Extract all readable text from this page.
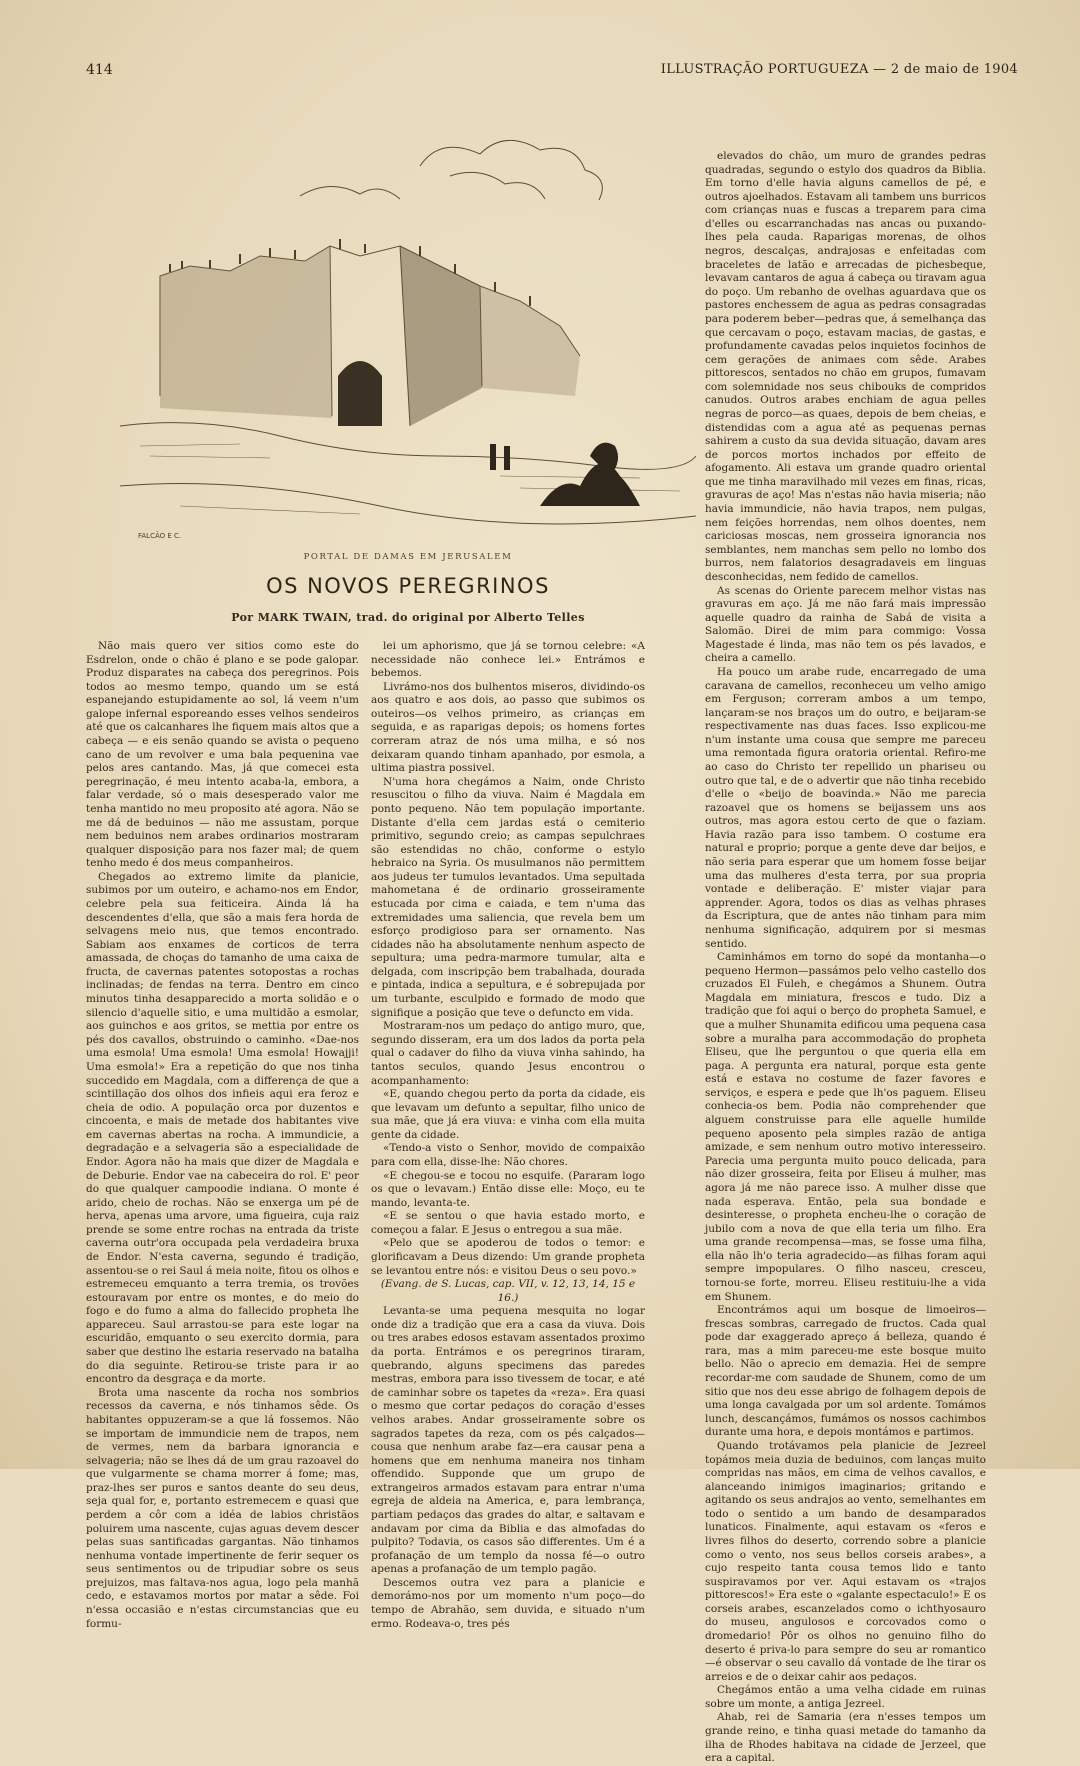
414	ILLUSTRAÇÃO PORTUGUEZA — 2 de maio de 1904
FALCÃO E C.
PORTAL DE DAMAS EM JERUSALEM
OS NOVOS PEREGRINOS
Por MARK TWAIN, trad. do original por Alberto Telles

Não mais quero ver sitios como este do Esdrelon, onde o chão é plano e se pode galopar. Produz disparates na cabeça dos peregrinos. Pois todos ao mesmo tempo, quando um se está espanejando estupidamente ao sol, lá veem n'um galope infernal esporeando esses velhos sendeiros até que os calcanhares lhe fiquem mais altos que a cabeça — e eis senão quando se avista o pequeno cano de um revolver e uma bala pequenina vae pelos ares cantando. Mas, já que comecei esta peregrinação, é meu intento acaba-la, embora, a falar verdade, só o mais desesperado valor me tenha mantido no meu proposito até agora. Não se me dá de beduinos — não me assustam, porque nem beduinos nem arabes ordinarios mostraram qualquer disposição para nos fazer mal; de quem tenho medo é dos meus companheiros.

Chegados ao extremo limite da planicie, subimos por um outeiro, e achamo-nos em Endor, celebre pela sua feiticeira. Ainda lá ha descendentes d'ella, que são a mais fera horda de selvagens meio nus, que temos encontrado. Sabiam aos enxames de corticos de terra amassada, de choças do tamanho de uma caixa de fructa, de cavernas patentes sotopostas a rochas inclinadas; de fendas na terra. Dentro em cinco minutos tinha desapparecido a morta solidão e o silencio d'aquelle sitio, e uma multidão a esmolar, aos guinchos e aos gritos, se mettia por entre os pés dos cavallos, obstruindo o caminho. «Dae-nos uma esmola! Uma esmola! Uma esmola! Howajji! Uma esmola!» Era a repetição do que nos tinha succedido em Magdala, com a differença de que a scintillação dos olhos dos infieis aqui era feroz e cheia de odio. A população orca por duzentos e cincoenta, e mais de metade dos habitantes vive em cavernas abertas na rocha. A immundicie, a degradação e a selvageria são a especialidade de Endor. Agora não ha mais que dizer de Magdala e de Deburie. Endor vae na cabeceira do rol. E' peor do que qualquer campoodie indiana. O monte é arido, cheio de rochas. Não se enxerga um pé de herva, apenas uma arvore, uma figueira, cuja raiz prende se some entre rochas na entrada da triste caverna outr'ora occupada pela verdadeira bruxa de Endor. N'esta caverna, segundo é tradição, assentou-se o rei Saul á meia noite, fitou os olhos e estremeceu emquanto a terra tremia, os trovões estouravam por entre os montes, e do meio do fogo e do fumo a alma do fallecido propheta lhe appareceu. Saul arrastou-se para este logar na escuridão, emquanto o seu exercito dormia, para saber que destino lhe estaria reservado na batalha do dia seguinte. Retirou-se triste para ir ao encontro da desgraça e da morte.

Brota uma nascente da rocha nos sombrios recessos da caverna, e nós tinhamos sêde. Os habitantes oppuzeram-se a que lá fossemos. Não se importam de immundicie nem de trapos, nem de vermes, nem da barbara ignorancia e selvageria; não se lhes dá de um grau razoavel do que vulgarmente se chama morrer á fome; mas, praz-lhes ser puros e santos deante do seu deus, seja qual for, e, portanto estremecem e quasi que perdem a côr com a idéa de labios christãos poluirem uma nascente, cujas aguas devem descer pelas suas santificadas gargantas. Não tinhamos nenhuma vontade impertinente de ferir sequer os seus sentimentos ou de tripudiar sobre os seus prejuizos, mas faltava-nos agua, logo pela manhã cedo, e estavamos mortos por matar a sêde. Foi n'essa occasião e n'estas circumstancias que eu formu-

lei um aphorismo, que já se tornou celebre: «A necessidade não conhece lei.» Entrámos e bebemos.

Livrámo-nos dos bulhentos miseros, dividindo-os aos quatro e aos dois, ao passo que subimos os outeiros—os velhos primeiro, as crianças em seguida, e as raparigas depois; os homens fortes correram atraz de nós uma milha, e só nos deixaram quando tinham apanhado, por esmola, a ultima piastra possivel.

N'uma hora chegámos a Naim, onde Christo resuscitou o filho da viuva. Naim é Magdala em ponto pequeno. Não tem população importante. Distante d'ella cem jardas está o cemiterio primitivo, segundo creio; as campas sepulchraes são estendidas no chão, conforme o estylo hebraico na Syria. Os musulmanos não permittem aos judeus ter tumulos levantados. Uma sepultada mahometana é de ordinario grosseiramente estucada por cima e caiada, e tem n'uma das extremidades uma saliencia, que revela bem um esforço prodigioso para ser ornamento. Nas cidades não ha absolutamente nenhum aspecto de sepultura; uma pedra-marmore tumular, alta e delgada, com inscripção bem trabalhada, dourada e pintada, indica a sepultura, e é sobrepujada por um turbante, esculpido e formado de modo que signifique a posição que teve o defuncto em vida.

Mostraram-nos um pedaço do antigo muro, que, segundo disseram, era um dos lados da porta pela qual o cadaver do filho da viuva vinha sahindo, ha tantos seculos, quando Jesus encontrou o acompanhamento:

«E, quando chegou perto da porta da cidade, eis que levavam um defunto a sepultar, filho unico de sua mãe, que já era viuva: e vinha com ella muita gente da cidade.

«Tendo-a visto o Senhor, movido de compaixão para com ella, disse-lhe: Não chores.

«E chegou-se e tocou no esquife. (Pararam logo os que o levavam.) Então disse elle: Moço, eu te mando, levanta-te.

«E se sentou o que havia estado morto, e começou a falar. E Jesus o entregou a sua mãe.

«Pelo que se apoderou de todos o temor: e glorificavam a Deus dizendo: Um grande propheta se levantou entre nós: e visitou Deus o seu povo.»

(Evang. de S. Lucas, cap. VII, v. 12, 13, 14, 15 e 16.)

Levanta-se uma pequena mesquita no logar onde diz a tradição que era a casa da viuva. Dois ou tres arabes edosos estavam assentados proximo da porta. Entrámos e os peregrinos tiraram, quebrando, alguns specimens das paredes mestras, embora para isso tivessem de tocar, e até de caminhar sobre os tapetes da «reza». Era quasi o mesmo que cortar pedaços do coração d'esses velhos arabes. Andar grosseiramente sobre os sagrados tapetes da reza, com os pés calçados—cousa que nenhum arabe faz—era causar pena a homens que em nenhuma maneira nos tinham offendido. Supponde que um grupo de extrangeiros armados estavam para entrar n'uma egreja de aldeia na America, e, para lembrança, partiam pedaços das grades do altar, e saltavam e andavam por cima da Biblia e das almofadas do pulpito? Todavia, os casos são differentes. Um é a profanação de um templo da nossa fé—o outro apenas a profanação de um templo pagão.

Descemos outra vez para a planicie e demorámo-nos por um momento n'um poço—do tempo de Abrahão, sem duvida, e situado n'um ermo. Rodeava-o, tres pés

elevados do chão, um muro de grandes pedras quadradas, segundo o estylo dos quadros da Biblia. Em torno d'elle havia alguns camellos de pé, e outros ajoelhados. Estavam ali tambem uns burricos com crianças nuas e fuscas a treparem para cima d'elles ou escarranchadas nas ancas ou puxando-lhes pela cauda. Raparigas morenas, de olhos negros, descalças, andrajosas e enfeitadas com braceletes de latão e arrecadas de pichesbeque, levavam cantaros de agua á cabeça ou tiravam agua do poço. Um rebanho de ovelhas aguardava que os pastores enchessem de agua as pedras consagradas para poderem beber—pedras que, á semelhança das que cercavam o poço, estavam macias, de gastas, e profundamente cavadas pelos inquietos focinhos de cem gerações de animaes com sêde. Arabes pittorescos, sentados no chão em grupos, fumavam com solemnidade nos seus chibouks de compridos canudos. Outros arabes enchiam de agua pelles negras de porco—as quaes, depois de bem cheias, e distendidas com a agua até as pequenas pernas sahirem a custo da sua devida situação, davam ares de porcos mortos inchados por effeito de afogamento. Ali estava um grande quadro oriental que me tinha maravilhado mil vezes em finas, ricas, gravuras de aço! Mas n'estas não havia miseria; não havia immundicie, não havia trapos, nem pulgas, nem feições horrendas, nem olhos doentes, nem cariciosas moscas, nem grosseira ignorancia nos semblantes, nem manchas sem pello no lombo dos burros, nem falatorios desagradaveis em linguas desconhecidas, nem fedido de camellos.

As scenas do Oriente parecem melhor vistas nas gravuras em aço. Já me não fará mais impressão aquelle quadro da rainha de Sabá de visita a Salomão. Direi de mim para commigo: Vossa Magestade é linda, mas não tem os pés lavados, e cheira a camello.

Ha pouco um arabe rude, encarregado de uma caravana de camellos, reconheceu um velho amigo em Ferguson; correram ambos a um tempo, lançaram-se nos braços um do outro, e beijaram-se respectivamente nas duas faces. Isso explicou-me n'um instante uma cousa que sempre me pareceu uma remontada figura oratoria oriental. Refiro-me ao caso do Christo ter repellido un phariseu ou outro que tal, e de o advertir que não tinha recebido d'elle o «beijo de boavinda.» Não me parecia razoavel que os homens se beijassem uns aos outros, mas agora estou certo de que o faziam. Havia razão para isso tambem. O costume era natural e proprio; porque a gente deve dar beijos, e não seria para esperar que um homem fosse beijar uma das mulheres d'esta terra, por sua propria vontade e deliberação. E' mister viajar para apprender. Agora, todos os dias as velhas phrases da Escriptura, que de antes não tinham para mim nenhuma significação, adquirem por si mesmas sentido.

Caminhámos em torno do sopé da montanha—o pequeno Hermon—passámos pelo velho castello dos cruzados El Fuleh, e chegámos a Shunem. Outra Magdala em miniatura, frescos e tudo. Diz a tradição que foi aqui o berço do propheta Samuel, e que a mulher Shunamita edificou uma pequena casa sobre a muralha para accommodação do propheta Eliseu, que lhe perguntou o que queria ella em paga. A pergunta era natural, porque esta gente está e estava no costume de fazer favores e serviços, e espera e pede que lh'os paguem. Eliseu conhecia-os bem. Podia não comprehender que alguem construisse para elle aquelle humilde pequeno aposento pela simples razão de antiga amizade, e sem nenhum outro motivo interesseiro. Parecia uma pergunta muito pouco delicada, para não dizer grosseira, feita por Eliseu á mulher, mas agora já me não parece isso. A mulher disse que nada esperava. Então, pela sua bondade e desinteresse, o propheta encheu-lhe o coração de jubilo com a nova de que ella teria um filho. Era uma grande recompensa—mas, se fosse uma filha, ella não lh'o teria agradecido—as filhas foram aqui sempre impopulares. O filho nasceu, cresceu, tornou-se forte, morreu. Eliseu restituiu-lhe a vida em Shunem.

Encontrámos aqui um bosque de limoeiros—frescas sombras, carregado de fructos. Cada qual pode dar exaggerado apreço á belleza, quando é rara, mas a mim pareceu-me este bosque muito bello. Não o aprecio em demazia. Hei de sempre recordar-me com saudade de Shunem, como de um sitio que nos deu esse abrigo de folhagem depois de uma longa cavalgada por um sol ardente. Tomámos lunch, descançámos, fumámos os nossos cachimbos durante uma hora, e depois montámos e partimos.

Quando trotávamos pela planicie de Jezreel topámos meia duzia de beduinos, com lanças muito compridas nas mãos, em cima de velhos cavallos, e alanceando inimigos imaginarios; gritando e agitando os seus andrajos ao vento, semelhantes em todo o sentido a um bando de desamparados lunaticos. Finalmente, aqui estavam os «feros e livres filhos do deserto, correndo sobre a planicie como o vento, nos seus bellos corseis arabes», a cujo respeito tanta cousa temos lido e tanto suspiravamos por ver. Aqui estavam os «trajos pittorescos!» Era este o «galante espectaculo!» E os corseis arabes, escanzelados como o ichthyosauro do museu, angulosos e corcovados como o dromedario! Pôr os olhos no genuino filho do deserto é priva-lo para sempre do seu ar romantico—é observar o seu cavallo dá vontade de lhe tirar os arreios e de o deixar cahir aos pedaços.

Chegámos então a uma velha cidade em ruinas sobre um monte, a antiga Jezreel.

Ahab, rei de Samaria (era n'esses tempos um grande reino, e tinha quasi metade do tamanho da ilha de Rhodes habitava na cidade de Jerzeel, que era a capital.
